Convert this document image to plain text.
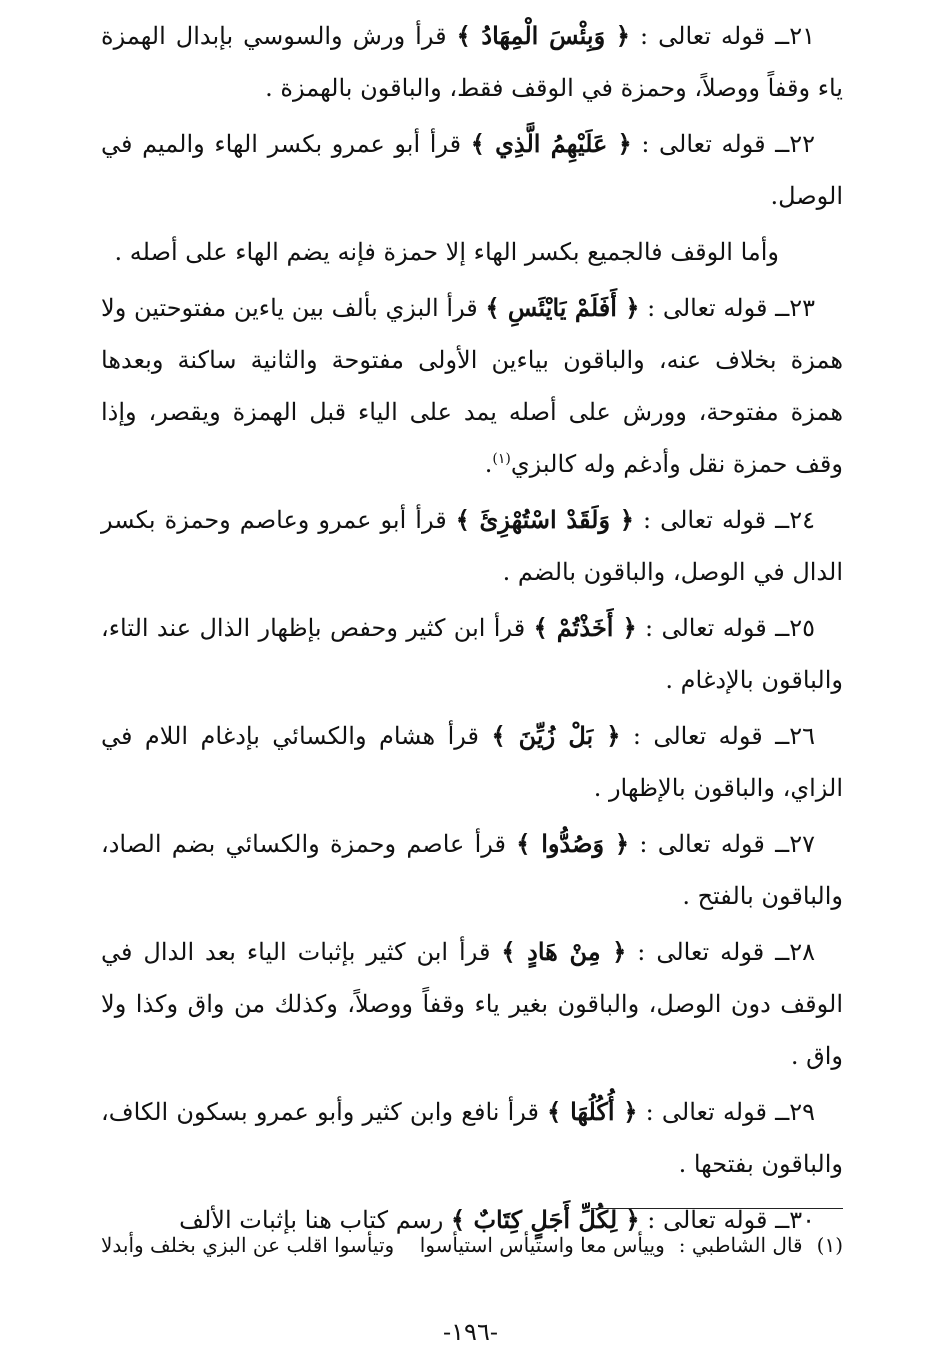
٢١ــ قوله تعالى : ﴿ وَبِئْسَ الْمِهَادُ ﴾ قرأ ورش والسوسي بإبدال الهمزة ياء وقفاً ووصلاً، وحمزة في الوقف فقط، والباقون بالهمزة .

٢٢ــ قوله تعالى : ﴿ عَلَيْهِمُ الَّذِي ﴾ قرأ أبو عمرو بكسر الهاء والميم في الوصل.

وأما الوقف فالجميع بكسر الهاء إلا حمزة فإنه يضم الهاء على أصله .

٢٣ــ قوله تعالى : ﴿ أَفَلَمْ يَايْئَسِ ﴾ قرأ البزي بألف بين ياءين مفتوحتين ولا همزة بخلاف عنه، والباقون بياءين الأولى مفتوحة والثانية ساكنة وبعدها همزة مفتوحة، وورش على أصله يمد على الياء قبل الهمزة ويقصر، وإذا وقف حمزة نقل وأدغم وله كالبزي$^{(١)}$.

٢٤ــ قوله تعالى : ﴿ وَلَقَدْ اسْتُهْزِئَ ﴾ قرأ أبو عمرو وعاصم وحمزة بكسر الدال في الوصل، والباقون بالضم .

٢٥ــ قوله تعالى : ﴿ أَخَذْتُمْ ﴾ قرأ ابن كثير وحفص بإظهار الذال عند التاء، والباقون بالإدغام .

٢٦ــ قوله تعالى : ﴿ بَلْ زُيِّنَ ﴾ قرأ هشام والكسائي بإدغام اللام في الزاي، والباقون بالإظهار .

٢٧ــ قوله تعالى : ﴿ وَصُدُّوا ﴾ قرأ عاصم وحمزة والكسائي بضم الصاد، والباقون بالفتح .

٢٨ــ قوله تعالى : ﴿ مِنْ هَادٍ ﴾ قرأ ابن كثير بإثبات الياء بعد الدال في الوقف دون الوصل، والباقون بغير ياء وقفاً ووصلاً، وكذلك من واق وكذا ولا واق .

٢٩ــ قوله تعالى : ﴿ أُكُلُهَا ﴾ قرأ نافع وابن كثير وأبو عمرو بسكون الكاف، والباقون بفتحها .

٣٠ــ قوله تعالى : ﴿ لِكُلِّ أَجَلٍ كِتَابٌ ﴾ رسم كتاب هنا بإثبات الألف

(١)
قال الشاطبي :
وييأس معا واستيأس استيأسوا
وتيأسوا اقلب عن البزي بخلف وأبدلا
-١٩٦-
